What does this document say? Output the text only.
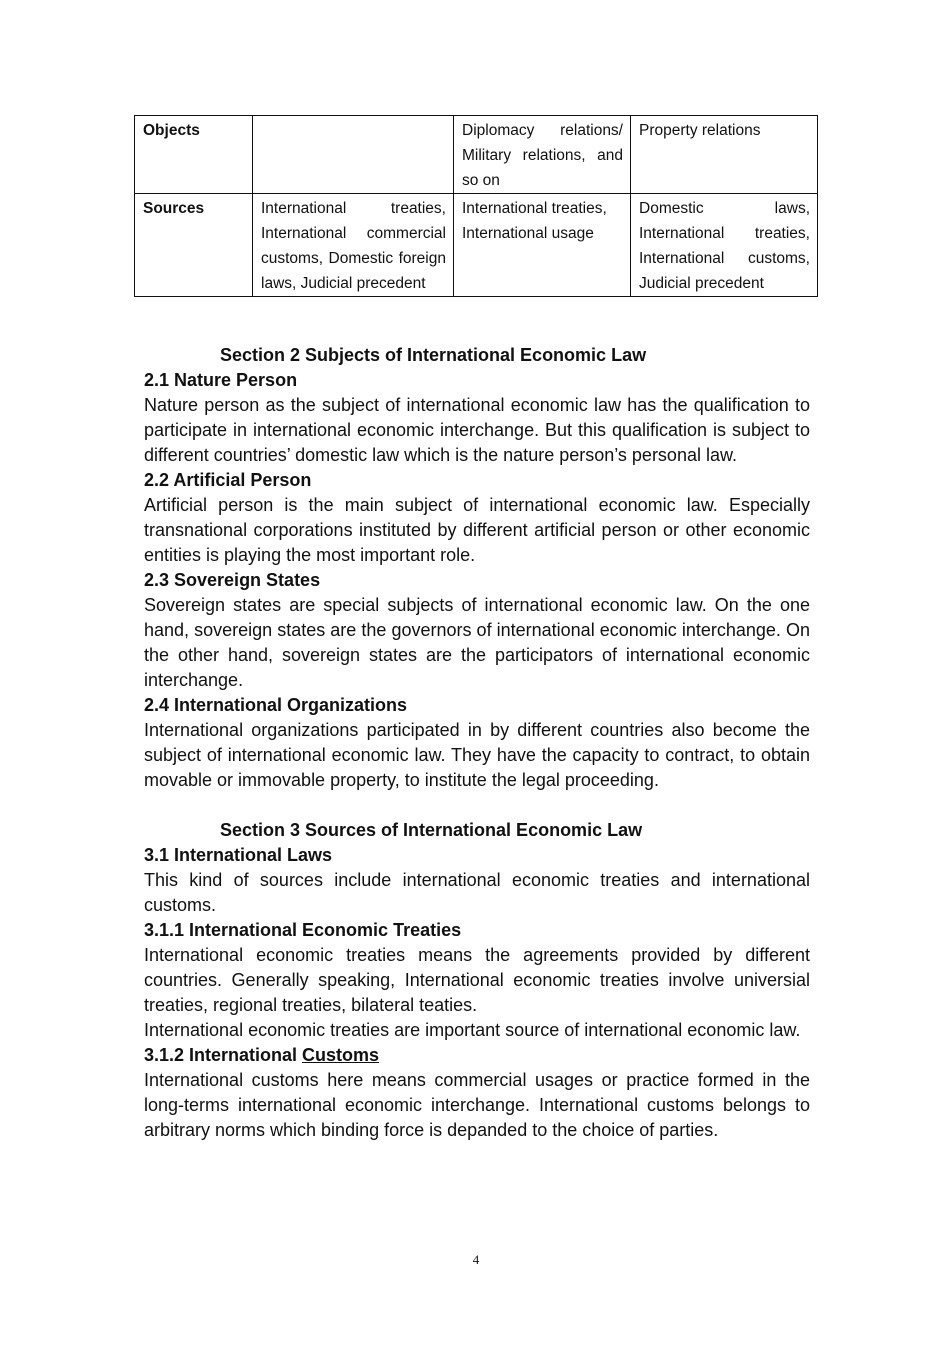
Objects		Diplomacy relations/ Military relations, and so on	Property relations
Sources	International treaties, International commercial customs, Domestic foreign laws, Judicial precedent	International treaties, International usage	Domestic laws, International treaties, International customs, Judicial precedent

Section 2 Subjects of International Economic Law

2.1 Nature Person

Nature person as the subject of international economic law has the qualification to participate in international economic interchange. But this qualification is subject to different countries’ domestic law which is the nature person’s personal law.

2.2 Artificial Person

Artificial person is the main subject of international economic law. Especially transnational corporations instituted by different artificial person or other economic entities is playing the most important role.

2.3 Sovereign States

Sovereign states are special subjects of international economic law. On the one hand, sovereign states are the governors of international economic interchange. On the other hand, sovereign states are the participators of international economic interchange.

2.4 International Organizations

International organizations participated in by different countries also become the subject of international economic law. They have the capacity to contract, to obtain movable or immovable property, to institute the legal proceeding.

Section 3 Sources of International Economic Law

3.1 International Laws

This kind of sources include international economic treaties and international customs.

3.1.1 International Economic Treaties

International economic treaties means the agreements provided by different countries. Generally speaking, International economic treaties involve universial treaties, regional treaties, bilateral teaties.

International economic treaties are important source of international economic law.

3.1.2 International Customs

International customs here means commercial usages or practice formed in the long-terms international economic interchange. International customs belongs to arbitrary norms which binding force is depanded to the choice of parties.

4
